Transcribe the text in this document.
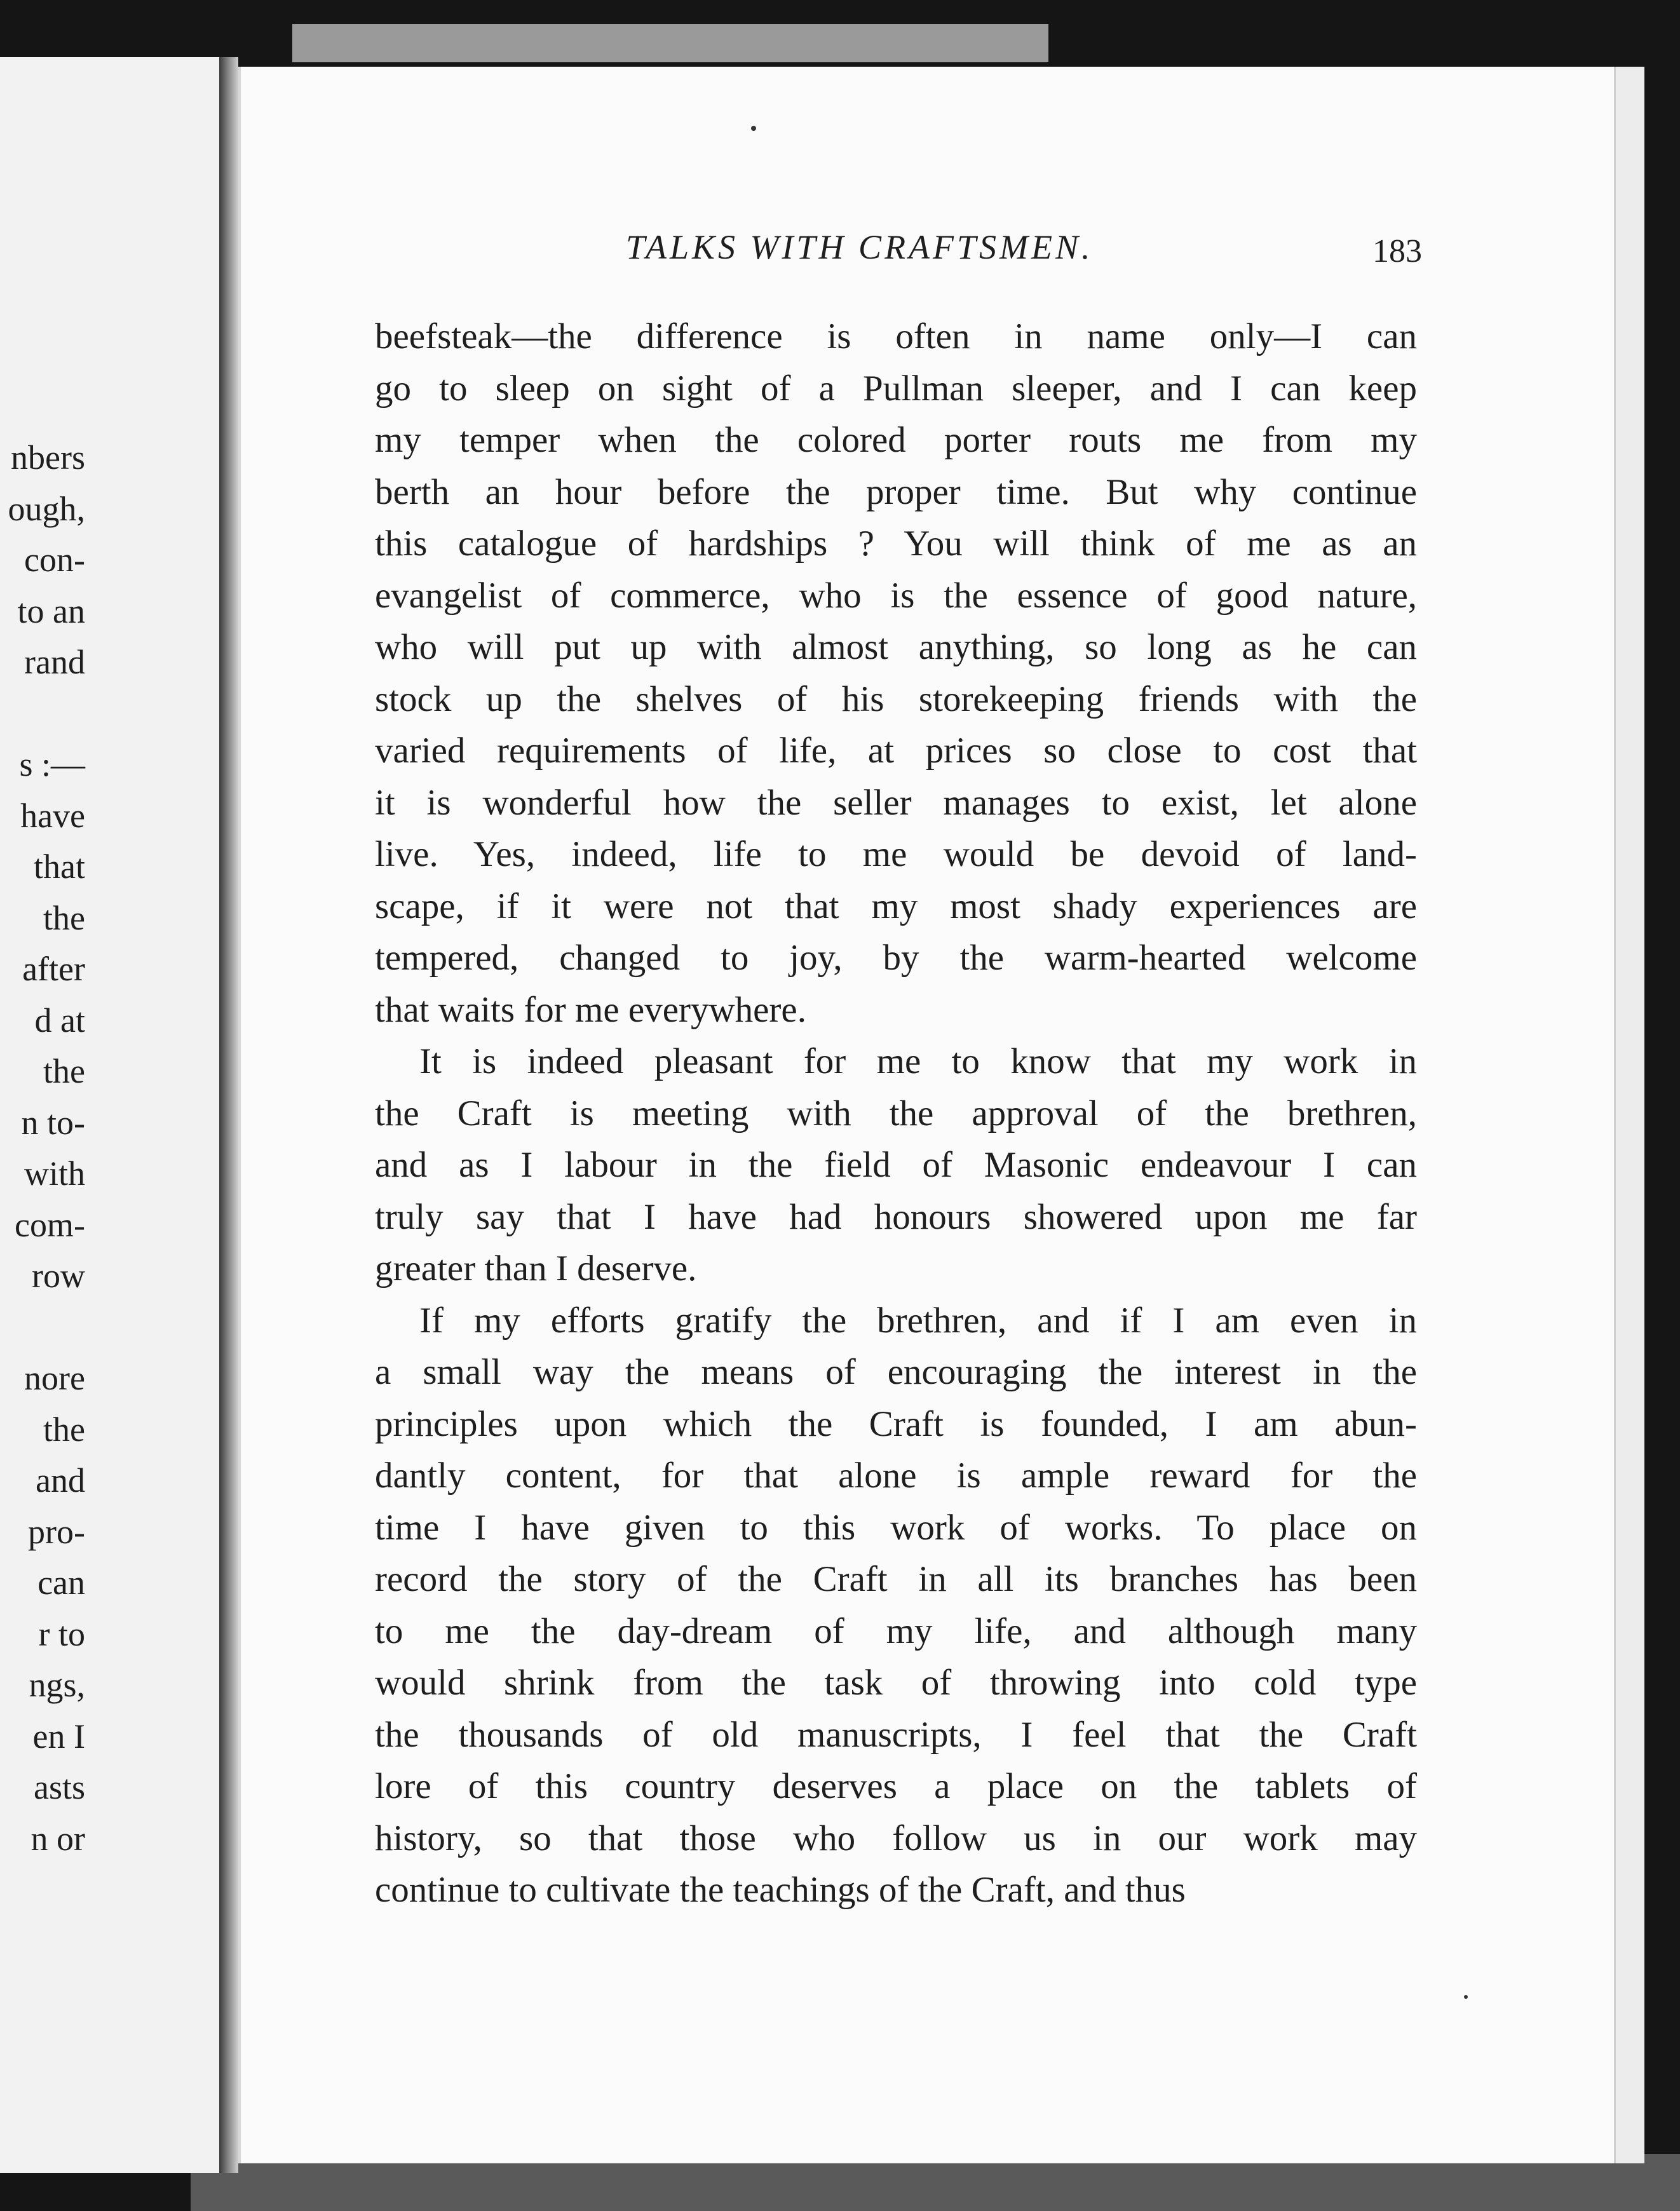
TALKS WITH CRAFTSMEN.	183
nbers
ough,
con-
to an
rand
s :—
have
that
the
after
d at
the
n to-
with
com-
row
nore
the
and
pro-
can
r to
ngs,
en I
asts
n or
beefsteak—the difference is often in name only—I can
go to sleep on sight of a Pullman sleeper, and I can keep
my temper when the colored porter routs me from my
berth an hour before the proper time. But why continue
this catalogue of hardships ? You will think of me as an
evangelist of commerce, who is the essence of good nature,
who will put up with almost anything, so long as he can
stock up the shelves of his storekeeping friends with the
varied requirements of life, at prices so close to cost that
it is wonderful how the seller manages to exist, let alone
live. Yes, indeed, life to me would be devoid of land-
scape, if it were not that my most shady experiences are
tempered, changed to joy, by the warm-hearted welcome
that waits for me everywhere.
It is indeed pleasant for me to know that my work in
the Craft is meeting with the approval of the brethren,
and as I labour in the field of Masonic endeavour I can
truly say that I have had honours showered upon me far
greater than I deserve.
If my efforts gratify the brethren, and if I am even in
a small way the means of encouraging the interest in the
principles upon which the Craft is founded, I am abun-
dantly content, for that alone is ample reward for the
time I have given to this work of works. To place on
record the story of the Craft in all its branches has been
to me the day-dream of my life, and although many
would shrink from the task of throwing into cold type
the thousands of old manuscripts, I feel that the Craft
lore of this country deserves a place on the tablets of
history, so that those who follow us in our work may
continue to cultivate the teachings of the Craft, and thus
